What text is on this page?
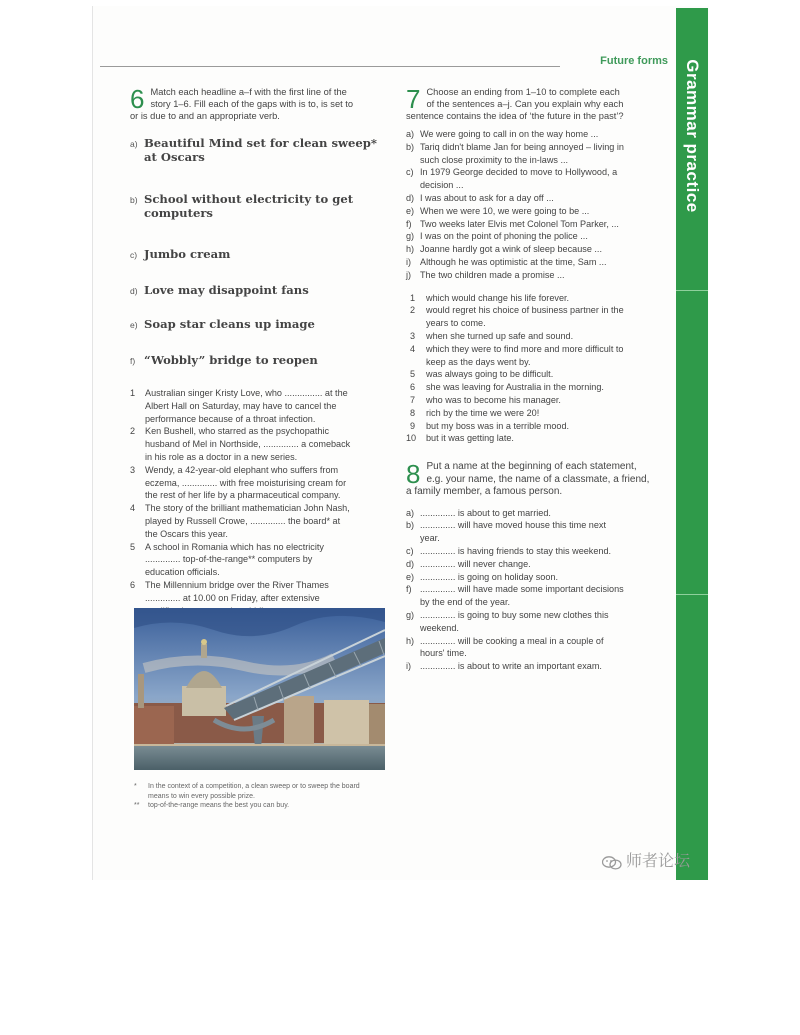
Future forms Grammar practice
6 Match each headline a–f with the first line of the

story 1–6. Fill each of the gaps with is to, is set to

or is due to and an appropriate verb.

a) Beautiful Mind set for clean sweep* at Oscars
b) School without electricity to get computers
c) Jumbo cream
d) Love may disappoint fans
e) Soap star cleans up image
f) “Wobbly” bridge to reopen
1 Australian singer Kristy Love, who ............... at the
Albert Hall on Saturday, may have to cancel the
performance because of a throat infection.
2 Ken Bushell, who starred as the psychopathic
husband of Mel in Northside, .............. a comeback
in his role as a doctor in a new series.
3 Wendy, a 42-year-old elephant who suffers from
eczema, .............. with free moisturising cream for
the rest of her life by a pharmaceutical company.
4 The story of the brilliant mathematician John Nash,
played by Russell Crowe, .............. the board* at
the Oscars this year.
5 A school in Romania which has no electricity
.............. top-of-the-range** computers by
education officials.
6 The Millennium bridge over the River Thames
.............. at 10.00 on Friday, after extensive
* In the context of a competition, a clean sweep or to sweep the board
means to win every possible prize.
** top-of-the-range means the best you can buy.
7 Choose an ending from 1–10 to complete each

of the sentences a–j. Can you explain why each

sentence contains the idea of ‘the future in the past’?

a) We were going to call in on the way home ...
b) Tariq didn't blame Jan for being annoyed – living in
such close proximity to the in-laws ...
c) In 1979 George decided to move to Hollywood, a
decision ...
d) I was about to ask for a day off ...
e) When we were 10, we were going to be ...
f) Two weeks later Elvis met Colonel Tom Parker, ...
g) I was on the point of phoning the police ...
h) Joanne hardly got a wink of sleep because ...
i) Although he was optimistic at the time, Sam ...
j) The two children made a promise ...
1 which would change his life forever.
2 would regret his choice of business partner in the
years to come.
3 when she turned up safe and sound.
4 which they were to find more and more difficult to
keep as the days went by.
5 was always going to be difficult.
6 she was leaving for Australia in the morning.
7 who was to become his manager.
8 rich by the time we were 20!
9 but my boss was in a terrible mood.
10 but it was getting late.
8 Put a name at the beginning of each statement,

e.g. your name, the name of a classmate, a friend,

a family member, a famous person.

a) .............. is about to get married.
b) .............. will have moved house this time next
year.
c) .............. is having friends to stay this weekend.
d) .............. will never change.
e) .............. is going on holiday soon.
f) .............. will have made some important decisions
by the end of the year.
g) .............. is going to buy some new clothes this
weekend.
h) .............. will be cooking a meal in a couple of
hours' time.
i) .............. is about to write an important exam.
师者论坛
